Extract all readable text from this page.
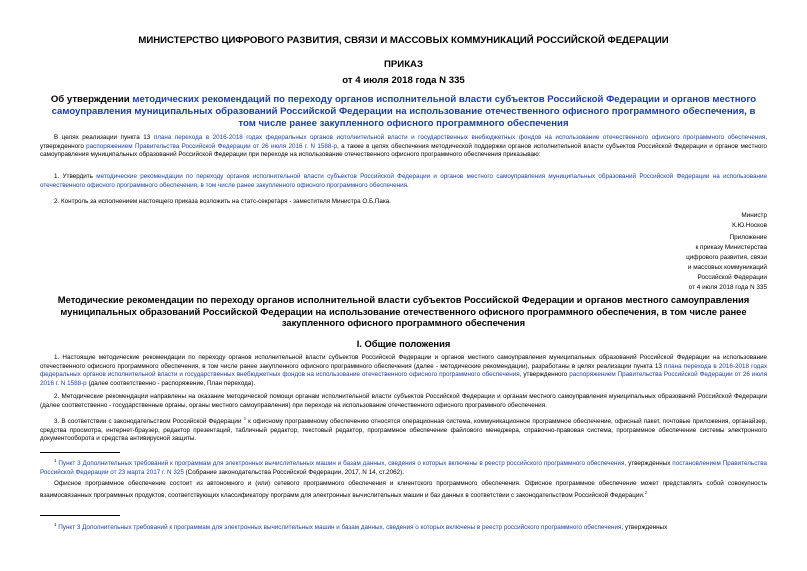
МИНИСТЕРСТВО ЦИФРОВОГО РАЗВИТИЯ, СВЯЗИ И МАССОВЫХ КОММУНИКАЦИЙ РОССИЙСКОЙ ФЕДЕРАЦИИ

ПРИКАЗ

от 4 июля 2018 года N 335

Об утверждении методических рекомендаций по переходу органов исполнительной власти субъектов Российской Федерации и органов местного самоуправления муниципальных образований Российской Федерации на использование отечественного офисного программного обеспечения, в том числе ранее закупленного офисного программного обеспечения

В целях реализации пункта 13 плана перехода в 2016-2018 годах федеральных органов исполнительной власти и государственных внебюджетных фондов на использование отечественного офисного программного обеспечения, утвержденного распоряжением Правительства Российской Федерации от 26 июля 2016 г. N 1588-р, а также в целях обеспечения методической поддержки органов исполнительной власти субъектов Российской Федерации и органов местного самоуправления муниципальных образований Российской Федерации при переходе на использование отечественного офисного программного обеспечения приказываю:

1. Утвердить методические рекомендации по переходу органов исполнительной власти субъектов Российской Федерации и органов местного самоуправления муниципальных образований Российской Федерации на использование отечественного офисного программного обеспечения, в том числе ранее закупленного офисного программного обеспечения.

2. Контроль за исполнением настоящего приказа возложить на статс-секретаря - заместителя Министра О.Б.Пака.

Министр
К.Ю.Носков
Приложение
к приказу Министерства
цифрового развития, связи
и массовых коммуникаций
Российской Федерации
от 4 июля 2018 года N 335

Методические рекомендации по переходу органов исполнительной власти субъектов Российской Федерации и органов местного самоуправления муниципальных образований Российской Федерации на использование отечественного офисного программного обеспечения, в том числе ранее закупленного офисного программного обеспечения

I. Общие положения

1. Настоящие методические рекомендации по переходу органов исполнительной власти субъектов Российской Федерации и органов местного самоуправления муниципальных образований Российской Федерации на использование отечественного офисного программного обеспечения, в том числе ранее закупленного офисного программного обеспечения (далее - методические рекомендации), разработаны в целях реализации пункта 13 плана перехода в 2016-2018 годах федеральных органов исполнительной власти и государственных внебюджетных фондов на использование отечественного офисного программного обеспечения, утвержденного распоряжением Правительства Российской Федерации от 26 июля 2016 г. N 1588-р (далее соответственно - распоряжение, План перехода).

2. Методические рекомендации направлены на оказание методической помощи органам исполнительной власти субъектов Российской Федерации и органам местного самоуправления муниципальных образований Российской Федерации (далее соответственно - государственные органы, органы местного самоуправления) при переходе на использование отечественного офисного программного обеспечения.

3. В соответствии с законодательством Российской Федерации $^1$ к офисному программному обеспечению относятся операционная система, коммуникационное программное обеспечение, офисный пакет, почтовые приложения, органайзер, средства просмотра, интернет-браузер, редактор презентаций, табличный редактор, текстовый редактор, программное обеспечение файлового менеджера, справочно-правовая система, программное обеспечение системы электронного документооборота и средства антивирусной защиты.

$^1$ Пункт 3 Дополнительных требований к программам для электронных вычислительных машин и базам данных, сведения о которых включены в реестр российского программного обеспечения, утвержденных постановлением Правительства Российской Федерации от 23 марта 2017 г. N 325 (Собрание законодательства Российской Федерации, 2017, N 14, ст.2062).

Офисное программное обеспечение состоит из автономного и (или) сетевого программного обеспечения и клиентского программного обеспечения. Офисное программное обеспечение может представлять собой совокупность взаимосвязанных программных продуктов, соответствующих классификатору программ для электронных вычислительных машин и баз данных в соответствии с законодательством Российской Федерации.$^2$

$^1$ Пункт 3 Дополнительных требований к программам для электронных вычислительных машин и базам данных, сведения о которых включены в реестр российского программного обеспечения, утвержденных
